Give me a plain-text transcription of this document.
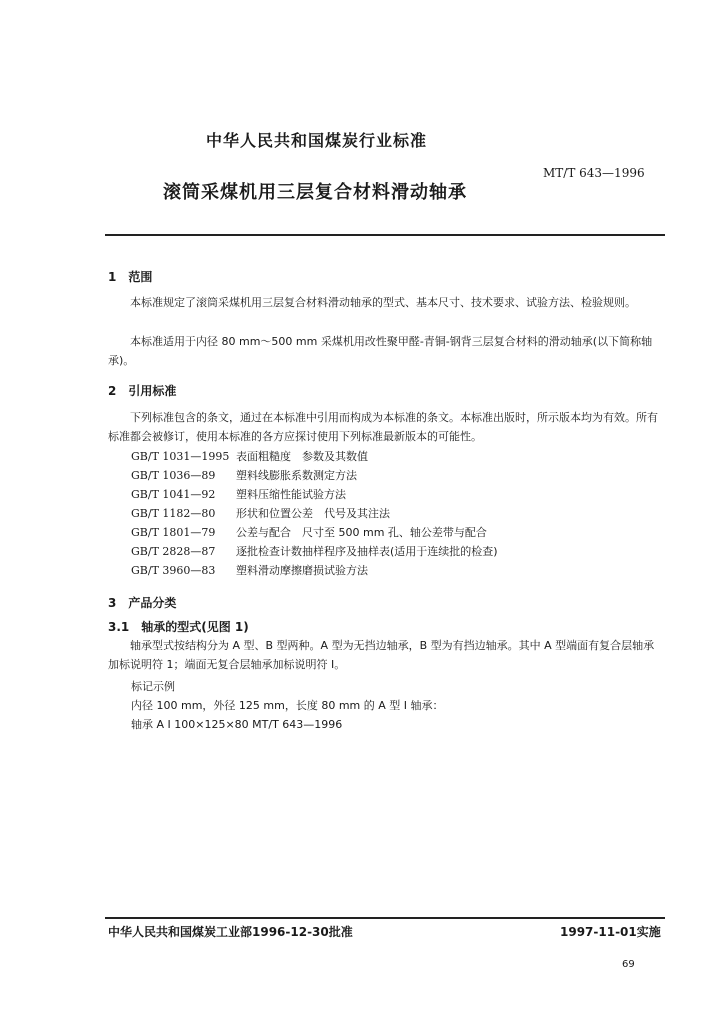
中华人民共和国煤炭行业标准
MT/T 643—1996
滚筒采煤机用三层复合材料滑动轴承
1　范围
本标准规定了滚筒采煤机用三层复合材料滑动轴承的型式、基本尺寸、技术要求、试验方法、检验规则。
本标准适用于内径 80 mm～500 mm 采煤机用改性聚甲醛-青铜-钢背三层复合材料的滑动轴承(以下简称轴承)。
2　引用标准
下列标准包含的条文，通过在本标准中引用而构成为本标准的条文。本标准出版时，所示版本均为有效。所有标准都会被修订，使用本标准的各方应探讨使用下列标准最新版本的可能性。
GB/T 1031—1995 表面粗糙度　参数及其数值
GB/T 1036—89 塑料线膨胀系数测定方法
GB/T 1041—92 塑料压缩性能试验方法
GB/T 1182—80 形状和位置公差　代号及其注法
GB/T 1801—79 公差与配合　尺寸至 500 mm 孔、轴公差带与配合
GB/T 2828—87 逐批检查计数抽样程序及抽样表(适用于连续批的检查)
GB/T 3960—83 塑料滑动摩擦磨损试验方法
3　产品分类
3.1　轴承的型式(见图 1)
轴承型式按结构分为 A 型、B 型两种。A 型为无挡边轴承，B 型为有挡边轴承。其中 A 型端面有复合层轴承加标说明符 1；端面无复合层轴承加标说明符 Ⅰ。
标记示例
内径 100 mm，外径 125 mm，长度 80 mm 的 A 型 Ⅰ 轴承：
轴承 A Ⅰ 100×125×80 MT/T 643—1996
中华人民共和国煤炭工业部1996-12-30批准	1997-11-01实施
69
